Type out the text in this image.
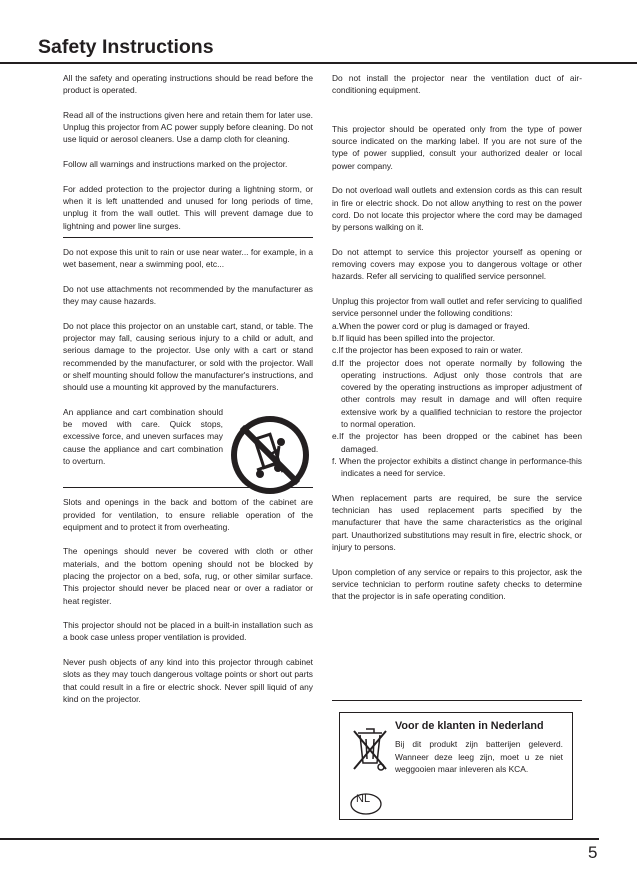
Safety Instructions

All the safety and operating instructions should be read before the product is operated.

Read all of the instructions given here and retain them for later use. Unplug this projector from AC power supply before cleaning. Do not use liquid or aerosol cleaners. Use a damp cloth for cleaning.

Follow all warnings and instructions marked on the projector.

For added protection to the projector during a lightning storm, or when it is left unattended and unused for long periods of time, unplug it from the wall outlet. This will prevent damage due to lightning and power line surges.

Do not expose this unit to rain or use near water... for example, in a wet basement, near a swimming pool, etc...

Do not use attachments not recommended by the manufacturer as they may cause hazards.

Do not place this projector on an unstable cart, stand, or table. The projector may fall, causing serious injury to a child or adult, and serious damage to the projector. Use only with a cart or stand recommended by the manufacturer, or sold with the projector. Wall or shelf mounting should follow the manufacturer's instructions, and should use a mounting kit approved by the manufacturers.

An appliance and cart combination should be moved with care. Quick stops, excessive force, and uneven surfaces may cause the appliance and cart combination to overturn.

Slots and openings in the back and bottom of the cabinet are provided for ventilation, to ensure reliable operation of the equipment and to protect it from overheating.

The openings should never be covered with cloth or other materials, and the bottom opening should not be blocked by placing the projector on a bed, sofa, rug, or other similar surface. This projector should never be placed near or over a radiator or heat register.

This projector should not be placed in a built-in installation such as a book case unless proper ventilation is provided.

Never push objects of any kind into this projector through cabinet slots as they may touch dangerous voltage points or short out parts that could result in a fire or electric shock. Never spill liquid of any kind on the projector.

Do not install the projector near the ventilation duct of air-conditioning equipment.

This projector should be operated only from the type of power source indicated on the marking label. If you are not sure of the type of power supplied, consult your authorized dealer or local power company.

Do not overload wall outlets and extension cords as this can result in fire or electric shock. Do not allow anything to rest on the power cord. Do not locate this projector where the cord may be damaged by persons walking on it.

Do not attempt to service this projector yourself as opening or removing covers may expose you to dangerous voltage or other hazards. Refer all servicing to qualified service personnel.

Unplug this projector from wall outlet and refer servicing to qualified service personnel under the following conditions:

a.When the power cord or plug is damaged or frayed.
b.If liquid has been spilled into the projector.
c.If the projector has been exposed to rain or water.
d.If the projector does not operate normally by following the operating instructions. Adjust only those controls that are covered by the operating instructions as improper adjustment of other controls may result in damage and will often require extensive work by a qualified technician to restore the projector to normal operation.
e.If the projector has been dropped or the cabinet has been damaged.
f. When the projector exhibits a distinct change in performance-this indicates a need for service.

When replacement parts are required, be sure the service technician has used replacement parts specified by the manufacturer that have the same characteristics as the original part. Unauthorized substitutions may result in fire, electric shock, or injury to persons.

Upon completion of any service or repairs to this projector, ask the service technician to perform routine safety checks to determine that the projector is in safe operating condition.

NL

Voor de klanten in Nederland

Bij dit produkt zijn batterijen geleverd. Wanneer deze leeg zijn, moet u ze niet weggooien maar inleveren als KCA.

5
